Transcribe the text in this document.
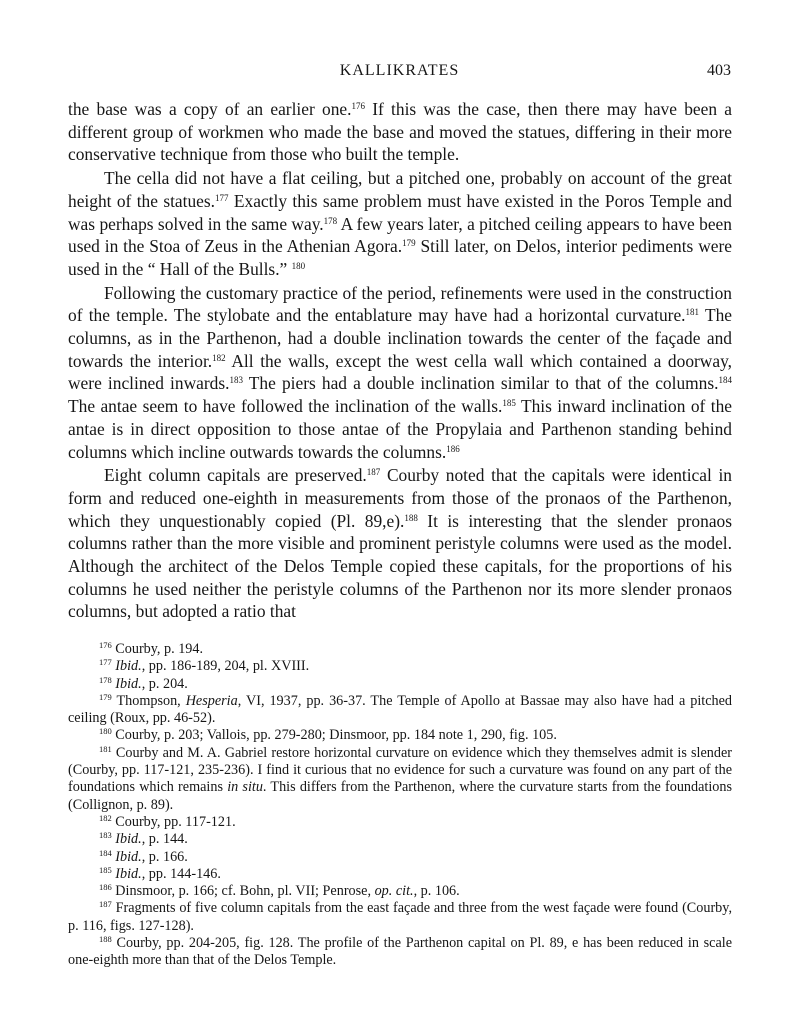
KALLIKRATES	403

the base was a copy of an earlier one.$^{176}$ If this was the case, then there may have been a different group of workmen who made the base and moved the statues, differing in their more conservative technique from those who built the temple.

The cella did not have a flat ceiling, but a pitched one, probably on account of the great height of the statues.$^{177}$ Exactly this same problem must have existed in the Poros Temple and was perhaps solved in the same way.$^{178}$ A few years later, a pitched ceiling appears to have been used in the Stoa of Zeus in the Athenian Agora.$^{179}$ Still later, on Delos, interior pediments were used in the “ Hall of the Bulls.” $^{180}$

Following the customary practice of the period, refinements were used in the construction of the temple. The stylobate and the entablature may have had a horizontal curvature.$^{181}$ The columns, as in the Parthenon, had a double inclination towards the center of the façade and towards the interior.$^{182}$ All the walls, except the west cella wall which contained a doorway, were inclined inwards.$^{183}$ The piers had a double inclination similar to that of the columns.$^{184}$ The antae seem to have followed the inclination of the walls.$^{185}$ This inward inclination of the antae is in direct opposition to those antae of the Propylaia and Parthenon standing behind columns which incline outwards towards the columns.$^{186}$

Eight column capitals are preserved.$^{187}$ Courby noted that the capitals were identical in form and reduced one-eighth in measurements from those of the pronaos of the Parthenon, which they unquestionably copied (Pl. 89,e).$^{188}$ It is interesting that the slender pronaos columns rather than the more visible and prominent peristyle columns were used as the model. Although the architect of the Delos Temple copied these capitals, for the proportions of his columns he used neither the peristyle columns of the Parthenon nor its more slender pronaos columns, but adopted a ratio that

$^{176}$ Courby, p. 194.

$^{177}$ Ibid., pp. 186-189, 204, pl. XVIII.

$^{178}$ Ibid., p. 204.

$^{179}$ Thompson, Hesperia, VI, 1937, pp. 36-37. The Temple of Apollo at Bassae may also have had a pitched ceiling (Roux, pp. 46-52).

$^{180}$ Courby, p. 203; Vallois, pp. 279-280; Dinsmoor, pp. 184 note 1, 290, fig. 105.

$^{181}$ Courby and M. A. Gabriel restore horizontal curvature on evidence which they themselves admit is slender (Courby, pp. 117-121, 235-236). I find it curious that no evidence for such a curvature was found on any part of the foundations which remains in situ. This differs from the Parthenon, where the curvature starts from the foundations (Collignon, p. 89).

$^{182}$ Courby, pp. 117-121.

$^{183}$ Ibid., p. 144.

$^{184}$ Ibid., p. 166.

$^{185}$ Ibid., pp. 144-146.

$^{186}$ Dinsmoor, p. 166; cf. Bohn, pl. VII; Penrose, op. cit., p. 106.

$^{187}$ Fragments of five column capitals from the east façade and three from the west façade were found (Courby, p. 116, figs. 127-128).

$^{188}$ Courby, pp. 204-205, fig. 128. The profile of the Parthenon capital on Pl. 89, e has been reduced in scale one-eighth more than that of the Delos Temple.
